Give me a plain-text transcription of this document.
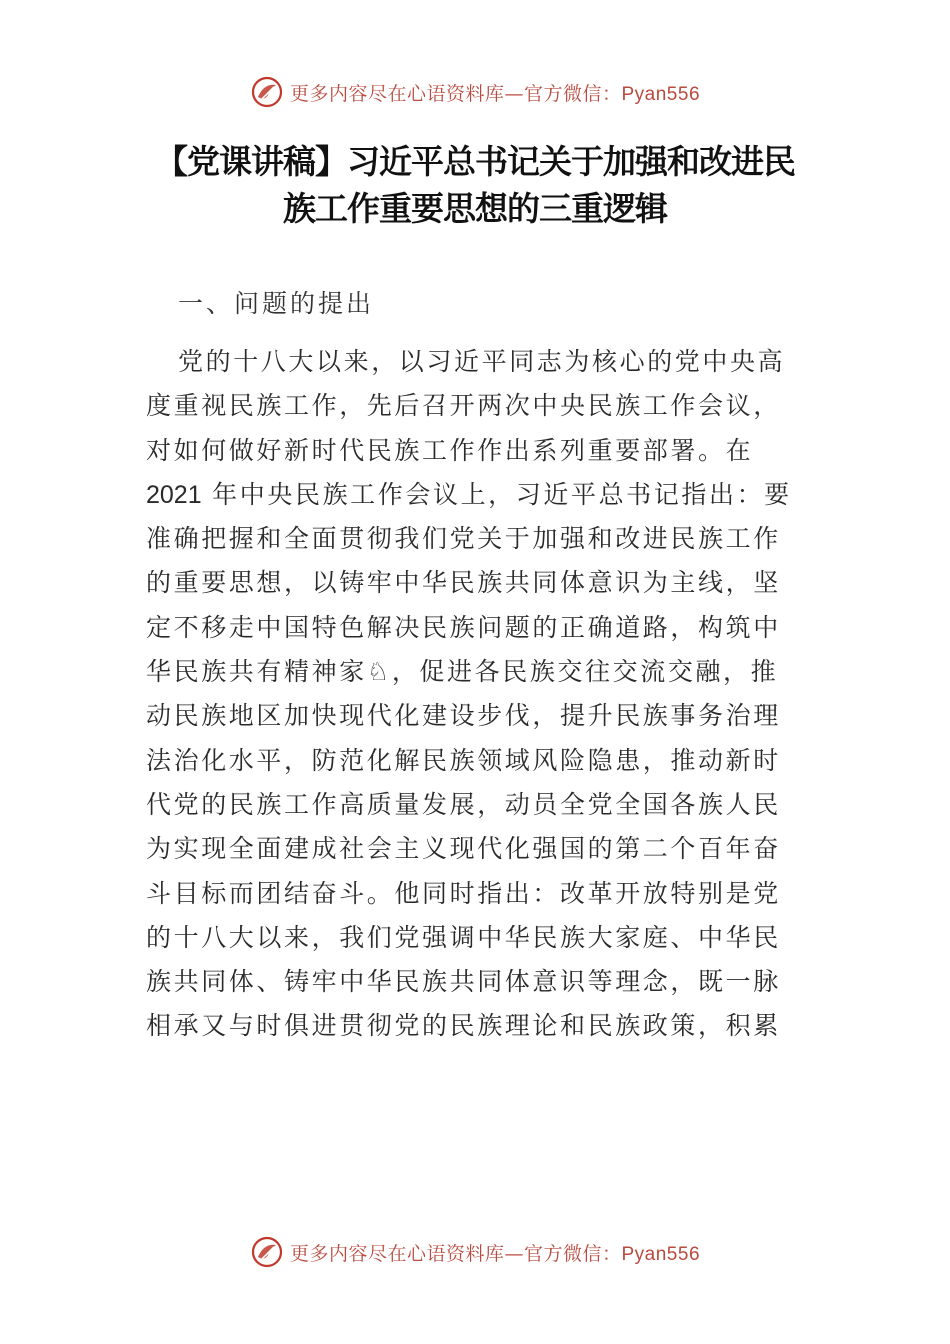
更多内容尽在心语资料库—官方微信：Pyan556
【党课讲稿】习近平总书记关于加强和改进民
族工作重要思想的三重逻辑
一、问题的提出
党的十八大以来，以习近平同志为核心的党中央高
度重视民族工作，先后召开两次中央民族工作会议，
对如何做好新时代民族工作作出系列重要部署。在
2021 年中央民族工作会议上，习近平总书记指出：要
准确把握和全面贯彻我们党关于加强和改进民族工作
的重要思想，以铸牢中华民族共同体意识为主线，坚
定不移走中国特色解决民族问题的正确道路，构筑中
华民族共有精神家♘，促进各民族交往交流交融，推
动民族地区加快现代化建设步伐，提升民族事务治理
法治化水平，防范化解民族领域风险隐患，推动新时
代党的民族工作高质量发展，动员全党全国各族人民
为实现全面建成社会主义现代化强国的第二个百年奋
斗目标而团结奋斗。他同时指出：改革开放特别是党
的十八大以来，我们党强调中华民族大家庭、中华民
族共同体、铸牢中华民族共同体意识等理念，既一脉
相承又与时俱进贯彻党的民族理论和民族政策，积累
更多内容尽在心语资料库—官方微信：Pyan556
